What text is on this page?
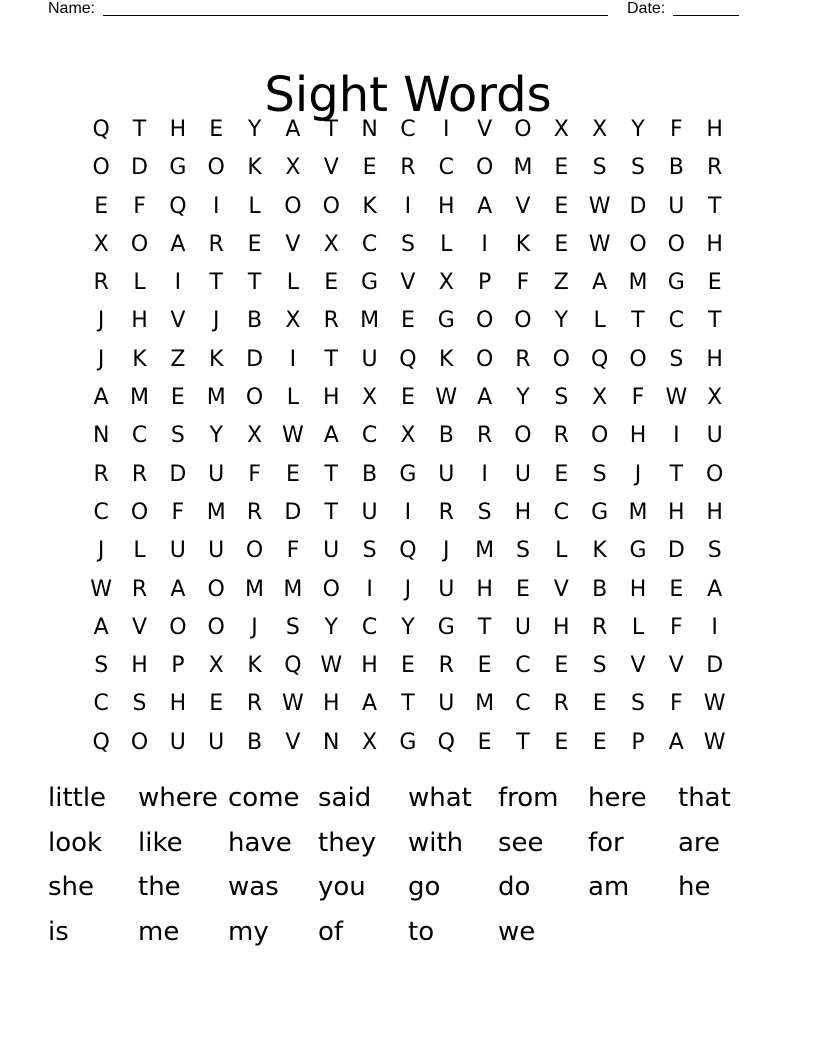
Name:	Date:
Sight Words
Q	T	H	E	Y	A	T	N	C	I	V	O	X	X	Y	F	H
O D G O	K	X	V	E	R	C O M E	S	S	B	R
E	F	Q	I	L	O O	K	I	H	A	V	E W D U	T
X	O	A	R	E	V	X	C	S	L	I	K	E W O O H
R	L	I	T	T	L	E	G	V	X	P	F	Z	A M G	E
J	H	V	J	B	X	R M E	G O O	Y	L	T	C	T
J	K	Z	K	D	I	T	U Q	K	O	R	O Q O	S	H
A M E M O	L	H	X	E W A	Y	S	X	F W X
N	C	S	Y	X W A	C	X	B	R	O	R	O H	I	U
R	R	D U	F	E	T	B	G U	I	U	E	S	J	T	O
C O	F	M R	D	T	U	I	R	S	H	C	G M H H
J	L	U	U O	F	U	S	Q	J	M S	L	K	G D	S
W R	A	O M M O	I	J	U	H	E	V	B	H	E	A
A	V	O O	J	S	Y	C	Y	G	T	U	H	R	L	F	I
S	H	P	X	K	Q W H	E	R	E	C	E	S	V	V	D
C	S	H	E	R W H	A	T	U M C	R	E	S	F W
Q O U	U	B	V	N	X	G Q	E	T	E	E	P	A W
little	where come said	what	from	here	that
look	like	have	they	with	see	for	are
she	the	was	you	go	do	am	he
is	me	my	of	to	we
